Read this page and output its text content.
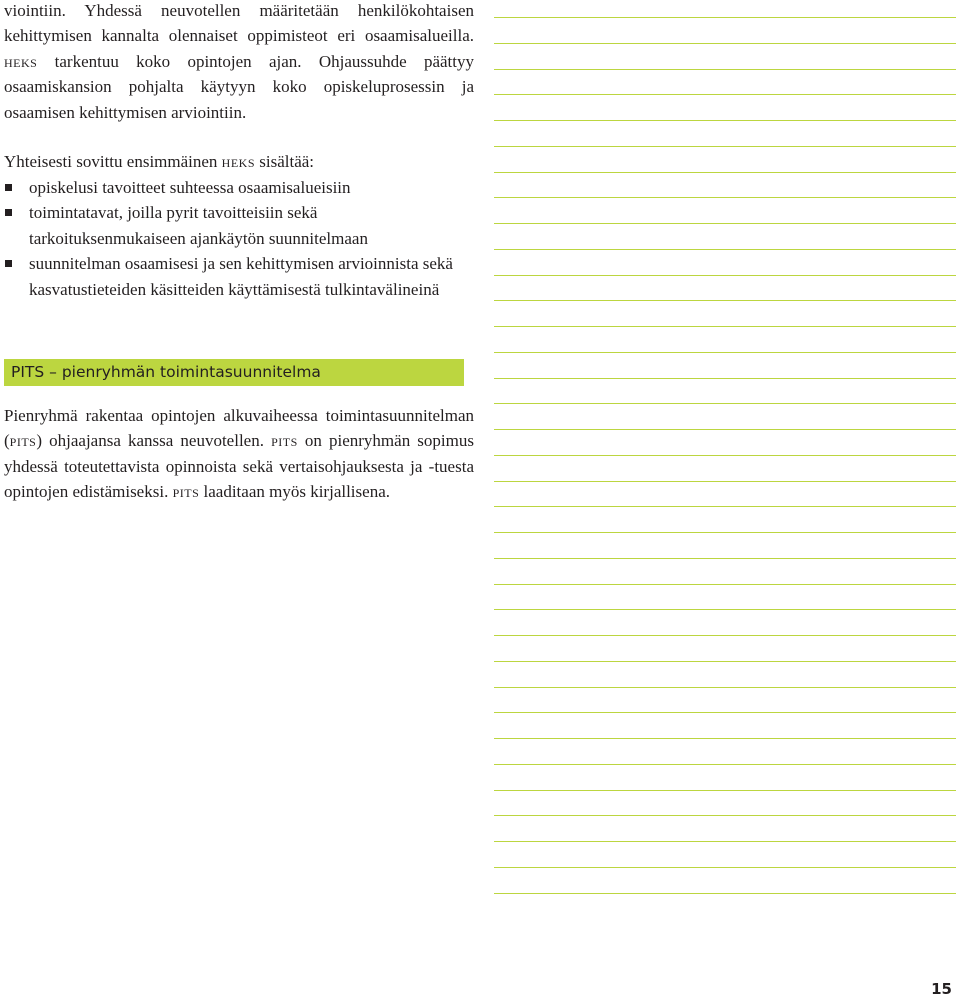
viointiin. Yhdessä neuvotellen määritetään henkilökohtaisen kehittymisen kannalta olennaiset oppimisteot eri osaamisalueilla. heks tarkentuu koko opintojen ajan. Ohjaussuhde päättyy osaamiskansion pohjalta käytyyn koko opiskeluprosessin ja osaamisen kehittymisen arviointiin.

Yhteisesti sovittu ensimmäinen heks sisältää:

opiskelusi tavoitteet suhteessa osaamisalueisiin
toimintatavat, joilla pyrit tavoitteisiin sekä tarkoituksenmukaiseen ajankäytön suunnitelmaan
suunnitelman osaamisesi ja sen kehittymisen arvioinnista sekä kasvatustieteiden käsitteiden käyttämisestä tulkintavälineinä
PITS – pienryhmän toimintasuunnitelma

Pienryhmä rakentaa opintojen alkuvaiheessa toimintasuunnitelman (pits) ohjaajansa kanssa neuvotellen. pits on pienryhmän sopimus yhdessä toteutettavista opinnoista sekä vertaisohjauksesta ja -tuesta opintojen edistämiseksi. pits laaditaan myös kirjallisena.

15
